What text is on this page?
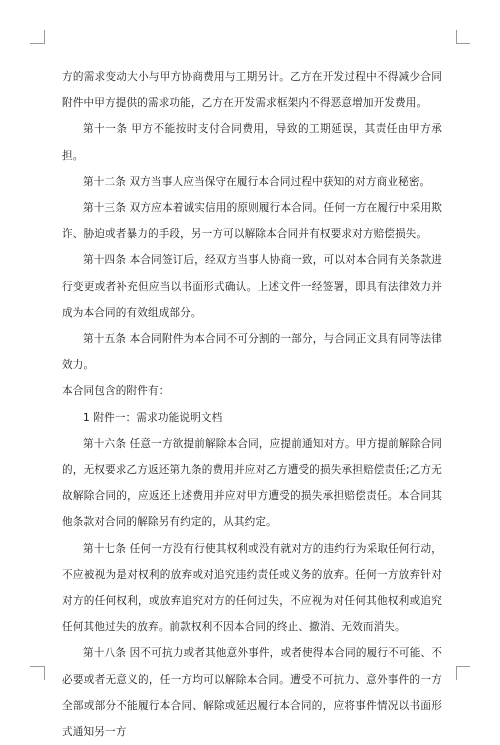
方的需求变动大小与甲方协商费用与工期另计。乙方在开发过程中不得减少合同附件中甲方提供的需求功能，乙方在开发需求框架内不得恶意增加开发费用。

第十一条 甲方不能按时支付合同费用，导致的工期延误，其责任由甲方承担。

第十二条 双方当事人应当保守在履行本合同过程中获知的对方商业秘密。

第十三条 双方应本着诚实信用的原则履行本合同。任何一方在履行中采用欺诈、胁迫或者暴力的手段，另一方可以解除本合同并有权要求对方赔偿损失。

第十四条 本合同签订后，经双方当事人协商一致，可以对本合同有关条款进行变更或者补充但应当以书面形式确认。上述文件一经签署，即具有法律效力并成为本合同的有效组成部分。

第十五条 本合同附件为本合同不可分割的一部分，与合同正文具有同等法律效力。

本合同包含的附件有：

1 附件一：需求功能说明文档

第十六条 任意一方欲提前解除本合同，应提前通知对方。甲方提前解除合同的，无权要求乙方返还第九条的费用并应对乙方遭受的损失承担赔偿责任;乙方无故解除合同的，应返还上述费用并应对甲方遭受的损失承担赔偿责任。本合同其他条款对合同的解除另有约定的，从其约定。

第十七条 任何一方没有行使其权利或没有就对方的违约行为采取任何行动，不应被视为是对权利的放弃或对追究违约责任或义务的放弃。任何一方放弃针对对方的任何权利，或放弃追究对方的任何过失，不应视为对任何其他权利或追究任何其他过失的放弃。前款权利不因本合同的终止、撤消、无效而消失。

第十八条 因不可抗力或者其他意外事件，或者使得本合同的履行不可能、不必要或者无意义的，任一方均可以解除本合同。遭受不可抗力、意外事件的一方全部或部分不能履行本合同、解除或延迟履行本合同的，应将事件情况以书面形式通知另一方
